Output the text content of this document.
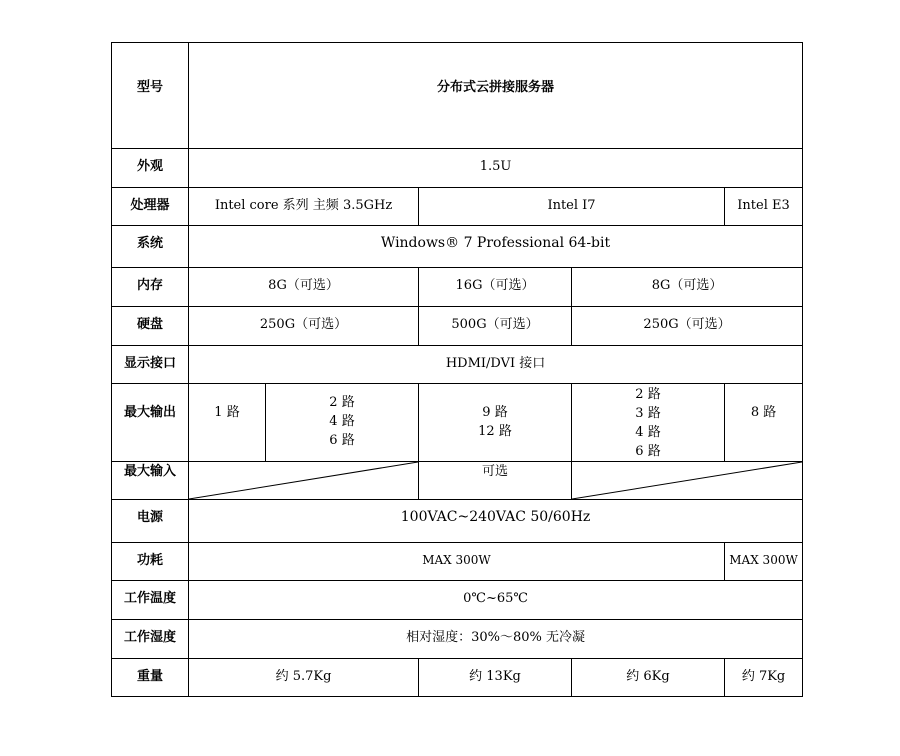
型号	分布式云拼接服务器					

外观	1.5U					

处理器	Intel core 系列 主频 3.5GHz		Intel I7		Intel E3	

系统	Windows® 7 Professional 64-bit					

内存	8G（可选）		16G（可选）	8G（可选）		

硬盘	250G（可选）		500G（可选）	250G（可选）		

显示接口	HDMI/DVI 接口					

最大输出	1 路	2 路
4 路
6 路	9 路
12 路	2 路
3 路
4 路
6 路	8 路	

最大输入			可选

电源	100VAC~240VAC 50/60Hz					

功耗	MAX 300W				MAX 300W

工作温度	0℃~65℃					

工作湿度	相对湿度：30%～80% 无冷凝					

重量	约 5.7Kg		约 13Kg	约 6Kg	约 7Kg	
